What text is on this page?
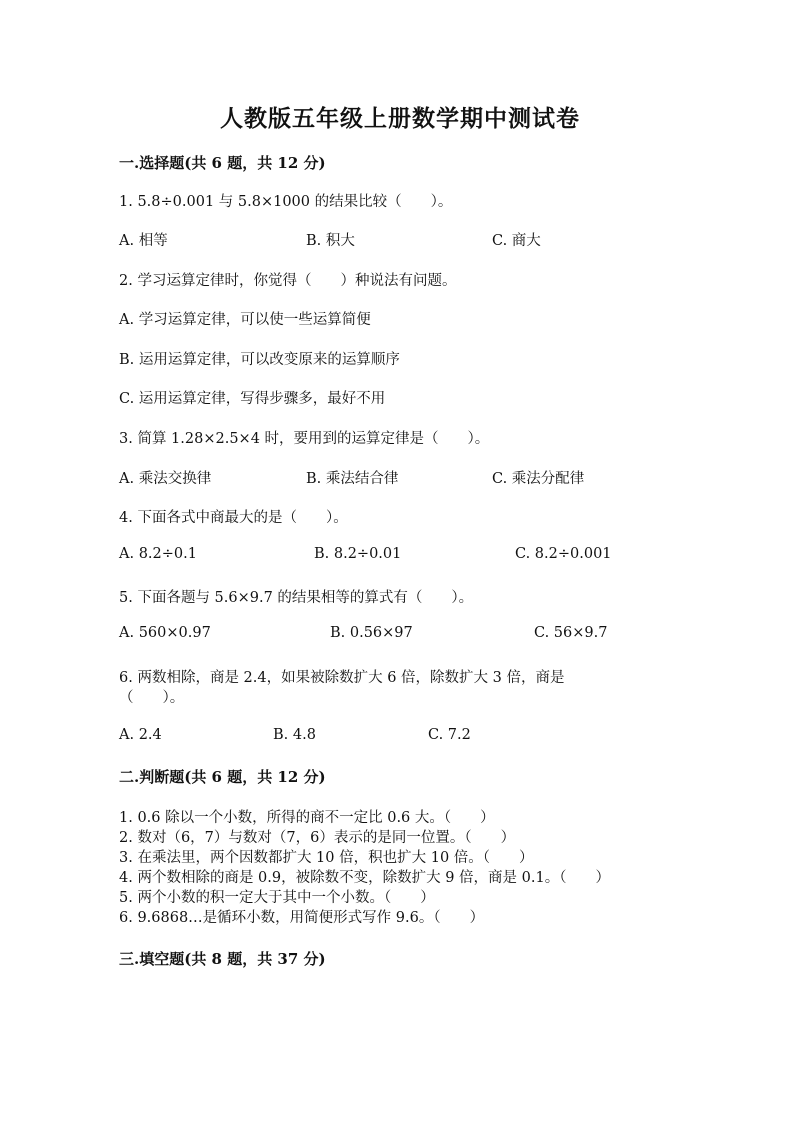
人教版五年级上册数学期中测试卷
一.选择题(共 6 题，共 12 分)
1. 5.8÷0.001 与 5.8×1000 的结果比较（　　）。
A. 相等	B. 积大	C. 商大
2. 学习运算定律时，你觉得（　　）种说法有问题。
A. 学习运算定律，可以使一些运算简便
B. 运用运算定律，可以改变原来的运算顺序
C. 运用运算定律，写得步骤多，最好不用
3. 简算 1.28×2.5×4 时，要用到的运算定律是（　　）。
A. 乘法交换律	B. 乘法结合律	C. 乘法分配律
4. 下面各式中商最大的是（　　）。
A. 8.2÷0.1	B. 8.2÷0.01	C. 8.2÷0.001
5. 下面各题与 5.6×9.7 的结果相等的算式有（　　）。
A. 560×0.97	B. 0.56×97	C. 56×9.7
6. 两数相除，商是 2.4，如果被除数扩大 6 倍，除数扩大 3 倍，商是
（　　）。
A. 2.4	B. 4.8	C. 7.2
二.判断题(共 6 题，共 12 分)
1. 0.6 除以一个小数，所得的商不一定比 0.6 大。（　　）
2. 数对（6，7）与数对（7，6）表示的是同一位置。（　　）
3. 在乘法里，两个因数都扩大 10 倍，积也扩大 10 倍。（　　）
4. 两个数相除的商是 0.9，被除数不变，除数扩大 9 倍，商是 0.1。（　　）
5. 两个小数的积一定大于其中一个小数。（　　）
6. 9.6868…是循环小数，用简便形式写作 9.6。（　　）
三.填空题(共 8 题，共 37 分)
